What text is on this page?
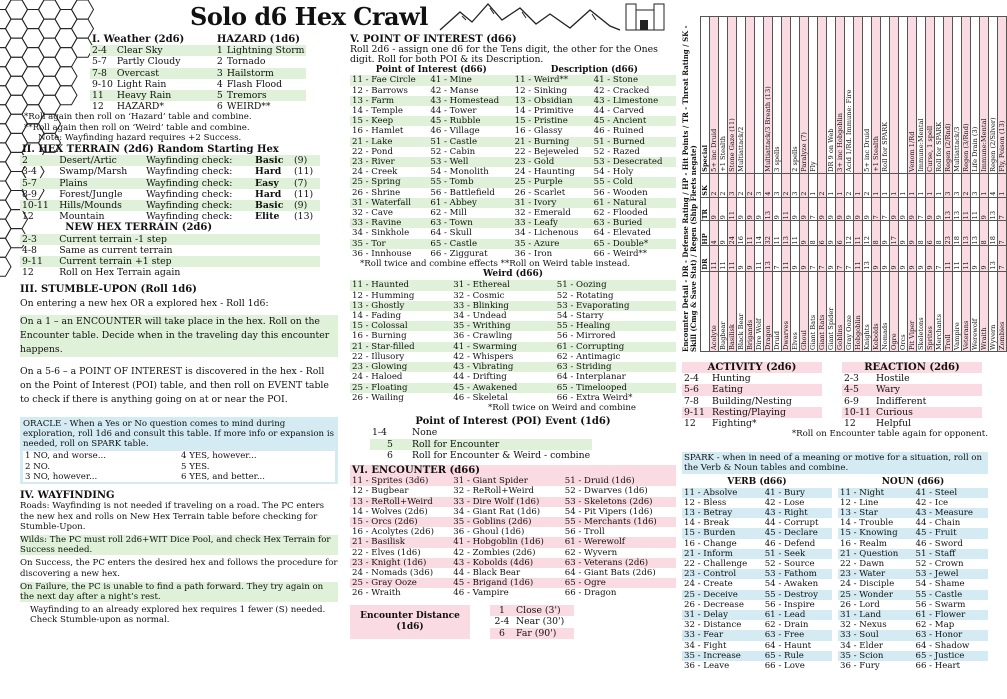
Solo d6 Hex Crawl
I. Weather (2d6)		HAZARD (1d6)	
2-4	Clear Sky	1	Lightning Storm
5-7	Partly Cloudy	2	Tornado
7-8	Overcast	3	Hailstorm
9-10	Light Rain	4	Flash Flood
11	Heavy Rain	5	Tremors
12	HAZARD*	6	WEIRD**
*Roll again then roll on ‘Hazard’ table and combine.
**Roll again then roll on ‘Weird’ table and combine.
Note: Wayfinding hazard requires +2 Success.
II. HEX TERRAIN (2d6) Random Starting Hex				
2	Desert/Artic	Wayfinding check:	Basic	(9)
3-4	Swamp/Marsh	Wayfinding check:	Hard	(11)
5-7	Plains	Wayfinding check:	Easy	(7)
8-9	Forest/Jungle	Wayfinding check:	Hard	(11)
10-11	Hills/Mounds	Wayfinding check:	Basic	(9)
12	Mountain	Wayfinding check:	Elite	(13)
	NEW HEX TERRAIN (2d6)			
2-3	Current terrain -1 step			
4-8	Same as current terrain			
9-11	Current terrain +1 step			
12	Roll on Hex Terrain again			
III. STUMBLE-UPON (Roll 1d6)
On entering a new hex OR a explored hex - Roll 1d6:
On a 1 – an ENCOUNTER will take place in the hex. Roll on the Encounter table. Decide when in the traveling day this encounter happens.
On a 5-6 – a POINT OF INTEREST is discovered in the hex - Roll on the Point of Interest (POI) table, and then roll on EVENT table to check if there is anything going on at or near the POI.
ORACLE - When a Yes or No question comes to mind during exploration, roll 1d6 and consult this table. If more info or expansion is needed, roll on SPARK table.
1 NO, and worse...	4 YES, however...
2 NO.	5 YES.
3 NO, however...	6 YES, and better...
IV. WAYFINDING
Roads: Wayfinding is not needed if traveling on a road. The PC enters the new hex and rolls on New Hex Terrain table before checking for Stumble-Upon.
Wilds: The PC must roll 2d6+WIT Dice Pool, and check Hex Terrain for Success needed.
On Success, the PC enters the desired hex and follows the procedure for discovering a new hex.
On Failure, the PC is unable to find a path forward. They try again on the next day after a night’s rest.
Wayfinding to an already explored hex requires 1 fewer (S) needed. Check Stumble-upon as normal.
V. POINT OF INTEREST (d66)
Roll 2d6 - assign one d6 for the Tens digit, the other for the Ones digit. Roll for both POI & its Description.
Point of Interest (d66)		Description (d66)	
11 - Fae Circle	41 - Mine	11 - Weird**	41 - Stone
12 - Barrows	42 - Manse	12 - Sinking	42 - Cracked
13 - Farm	43 - Homestead	13 - Obsidian	43 - Limestone
14 - Temple	44 - Tower	14 - Primitive	44 - Carved
15 - Keep	45 - Rubble	15 - Pristine	45 - Ancient
16 - Hamlet	46 - Village	16 - Glassy	46 - Ruined
21 - Lake	51 - Castle	21 - Burning	51 - Burned
22 - Pond	52 - Cabin	22 - Bejeweled	52 - Razed
23 - River	53 - Well	23 - Gold	53 - Desecrated
24 - Creek	54 - Monolith	24 - Haunting	54 - Holy
25 - Spring	55 - Tomb	25 - Purple	55 - Cold
26 - Shrine	56 - Battlefield	26 - Scarlet	56 - Wooden
31 - Waterfall	61 - Abbey	31 - Ivory	61 - Natural
32 - Cave	62 - Mill	32 - Emerald	62 - Flooded
33 - Ravine	63 - Town	33 - Leafy	63 - Buried
34 - Sinkhole	64 - Skull	34 - Lichenous	64 - Elevated
35 - Tor	65 - Castle	35 - Azure	65 - Double*
36 - Innhouse	66 - Ziggurat	36 - Iron	66 - Weird**
*Roll twice and combine effects **Roll on Weird table instead.
Weird (d66)
11 - Haunted	31 - Ethereal	51 - Oozing
12 - Humming	32 - Cosmic	52 - Rotating
13 - Ghostly	33 - Blinking	53 - Evaporating
14 - Fading	34 - Undead	54 - Starry
15 - Colossal	35 - Writhing	55 - Healing
16 - Burning	36 - Crawling	56 - Mirrored
21 - Star-filled	41 - Swarming	61 - Corrupting
22 - Illusory	42 - Whispers	62 - Antimagic
23 - Glowing	43 - Vibrating	63 - Striding
24 - Haloed	44 - Drifting	64 - Interplanar
25 - Floating	45 - Awakened	65 - Timelooped
26 - Wailing	46 - Skeletal	66 - Extra Weird*
*Roll twice on Weird and combine
Point of Interest (POI) Event (1d6)
1-4	None
5	Roll for Encounter
6	Roll for Encounter & Weird - combine
VI. ENCOUNTER (d66)
11 - Sprites (3d6)	31 - Giant Spider	51 - Druid (1d6)
12 - Bugbear	32 - ReRoll+Weird	52 - Dwarves (1d6)
13 - ReRoll+Weird	33 - Dire Wolf (1d6)	53 - Skeletons (2d6)
14 - Wolves (2d6)	34 - Giant Rat (1d6)	54 - Pit Vipers (1d6)
15 - Orcs (2d6)	35 - Goblins (2d6)	55 - Merchants (1d6)
16 - Acolytes (2d6)	36 - Ghoul (1d6)	56 - Troll
21 - Basilisk	41 - Hobgoblin (1d6)	61 - Werewolf
22 - Elves (1d6)	42 - Zombies (2d6)	62 - Wyvern
23 - Knight (1d6)	43 - Kobolds (4d6)	63 - Veterans (2d6)
24 - Nomads (3d6)	44 - Black Bear	64 - Giant Bats (2d6)
25 - Gray Ooze	45 - Brigand (1d6)	65 - Ogre
26 - Wraith	46 - Vampire	66 - Dragon
Encounter Distance (1d6)
1	Close (3')
2-4	Near (30')
6	Far (90')
Encounter Detail - DR - Defense Rating / HP - Hit Points / TR - Threat Rating / SK - Skill (Cmg & Save Stat) / Regen (Ship Fleets negate)
	DR	HP	TR	SK	Special
Acolyte	11	4	9	2	5+ inc Druid
Bugbear	11	9	9	2	+1 Stealth
Basilisk	11	24	11	3	Stone Gaze (11)
Black Bear	9	16	9	2	Multiattack/2
Brigands	9	11	9	2	
Dire Wolf	11	14	9	3	
Dragon	13	32	13	4	Multiattack/3 Breath (13)
Druid	7	11	9	3	3 spells
Dwarves	11	13	11	2	
Elves	9	11	9	3	2 spells
Ghoul	9	9	9	2	Paralyze (7)
Giant Bats	7	8	7	1	Fly
Giant Rats	7	6	9	2	
Giant Spider	9	9	9	1	DR 9 on Web
Goblins	7	6	9	1	3+ inc Hobgoblin
Gray Ooze	7	12	9	2	Acid 1/Rd. Immune: Fire
Hobgoblin	11	11	9	1	
Knights	13	12	9	2	5+ inc Druid
Kobolds	9	8	7	1	+1 Stealth
Nomads	9	9	7	1	Roll for SPARK
Ogre	9	17	9	1	
Orcs	9	9	9	1	
Pit Viper	9	9	9	1	Venom 1/Rd
Skeletons	9	8	7	1	Immune:Mental
Sprites	9	6	9	1	Curse, 1 spell
Merchants	7	8	9	1	Roll for SPARK
Troll	11	23	13	3	Regen (2/Rnd)
Vampire	11	18	13	3	Multiattack/3
Veterans	11	13	11	2	Regen (3/Rnd)
Werewolf	9	13	11	3	Life Drain (3)
Wraith	9	8	9	1	Immune:Mental
Wyvern	13	18	13	4	Regen (2/Silver)
Zombies	7	7	7	1	Fly, Poison (13)
ACTIVITY (2d6)	
2-4	Hunting
5-6	Eating
7-8	Building/Nesting
9-11	Resting/Playing
12	Fighting*
REACTION (2d6)	
2-3	Hostile
4-5	Wary
6-9	Indifferent
10-11	Curious
12	Helpful
*Roll on Encounter table again for opponent.
SPARK - when in need of a meaning or motive for a situation, roll on the Verb & Noun tables and combine.
VERB (d66)	
11 - Absolve	41 - Bury
12 - Bless	42 - Lose
13 - Betray	43 - Right
14 - Break	44 - Corrupt
15 - Burden	45 - Declare
16 - Change	46 - Defend
21 - Inform	51 - Seek
22 - Challenge	52 - Source
23 - Control	53 - Fathom
24 - Create	54 - Awaken
25 - Deceive	55 - Destroy
26 - Decrease	56 - Inspire
31 - Delay	61 - Lead
32 - Distance	62 - Drain
33 - Fear	63 - Free
34 - Fight	64 - Haunt
35 - Increase	65 - Rule
36 - Leave	66 - Love
NOUN (d66)	
11 - Night	41 - Steel
12 - Line	42 - Ice
13 - Star	43 - Measure
14 - Trouble	44 - Chain
15 - Knowing	45 - Fruit
16 - Realm	46 - Sword
21 - Question	51 - Staff
22 - Dawn	52 - Crown
23 - Water	53 - Jewel
24 - Disciple	54 - Shame
25 - Wonder	55 - Castle
26 - Lord	56 - Swarm
31 - Land	61 - Flower
32 - Nexus	62 - Map
33 - Soul	63 - Honor
34 - Elder	64 - Shadow
35 - Scion	65 - Justice
36 - Fury	66 - Heart
